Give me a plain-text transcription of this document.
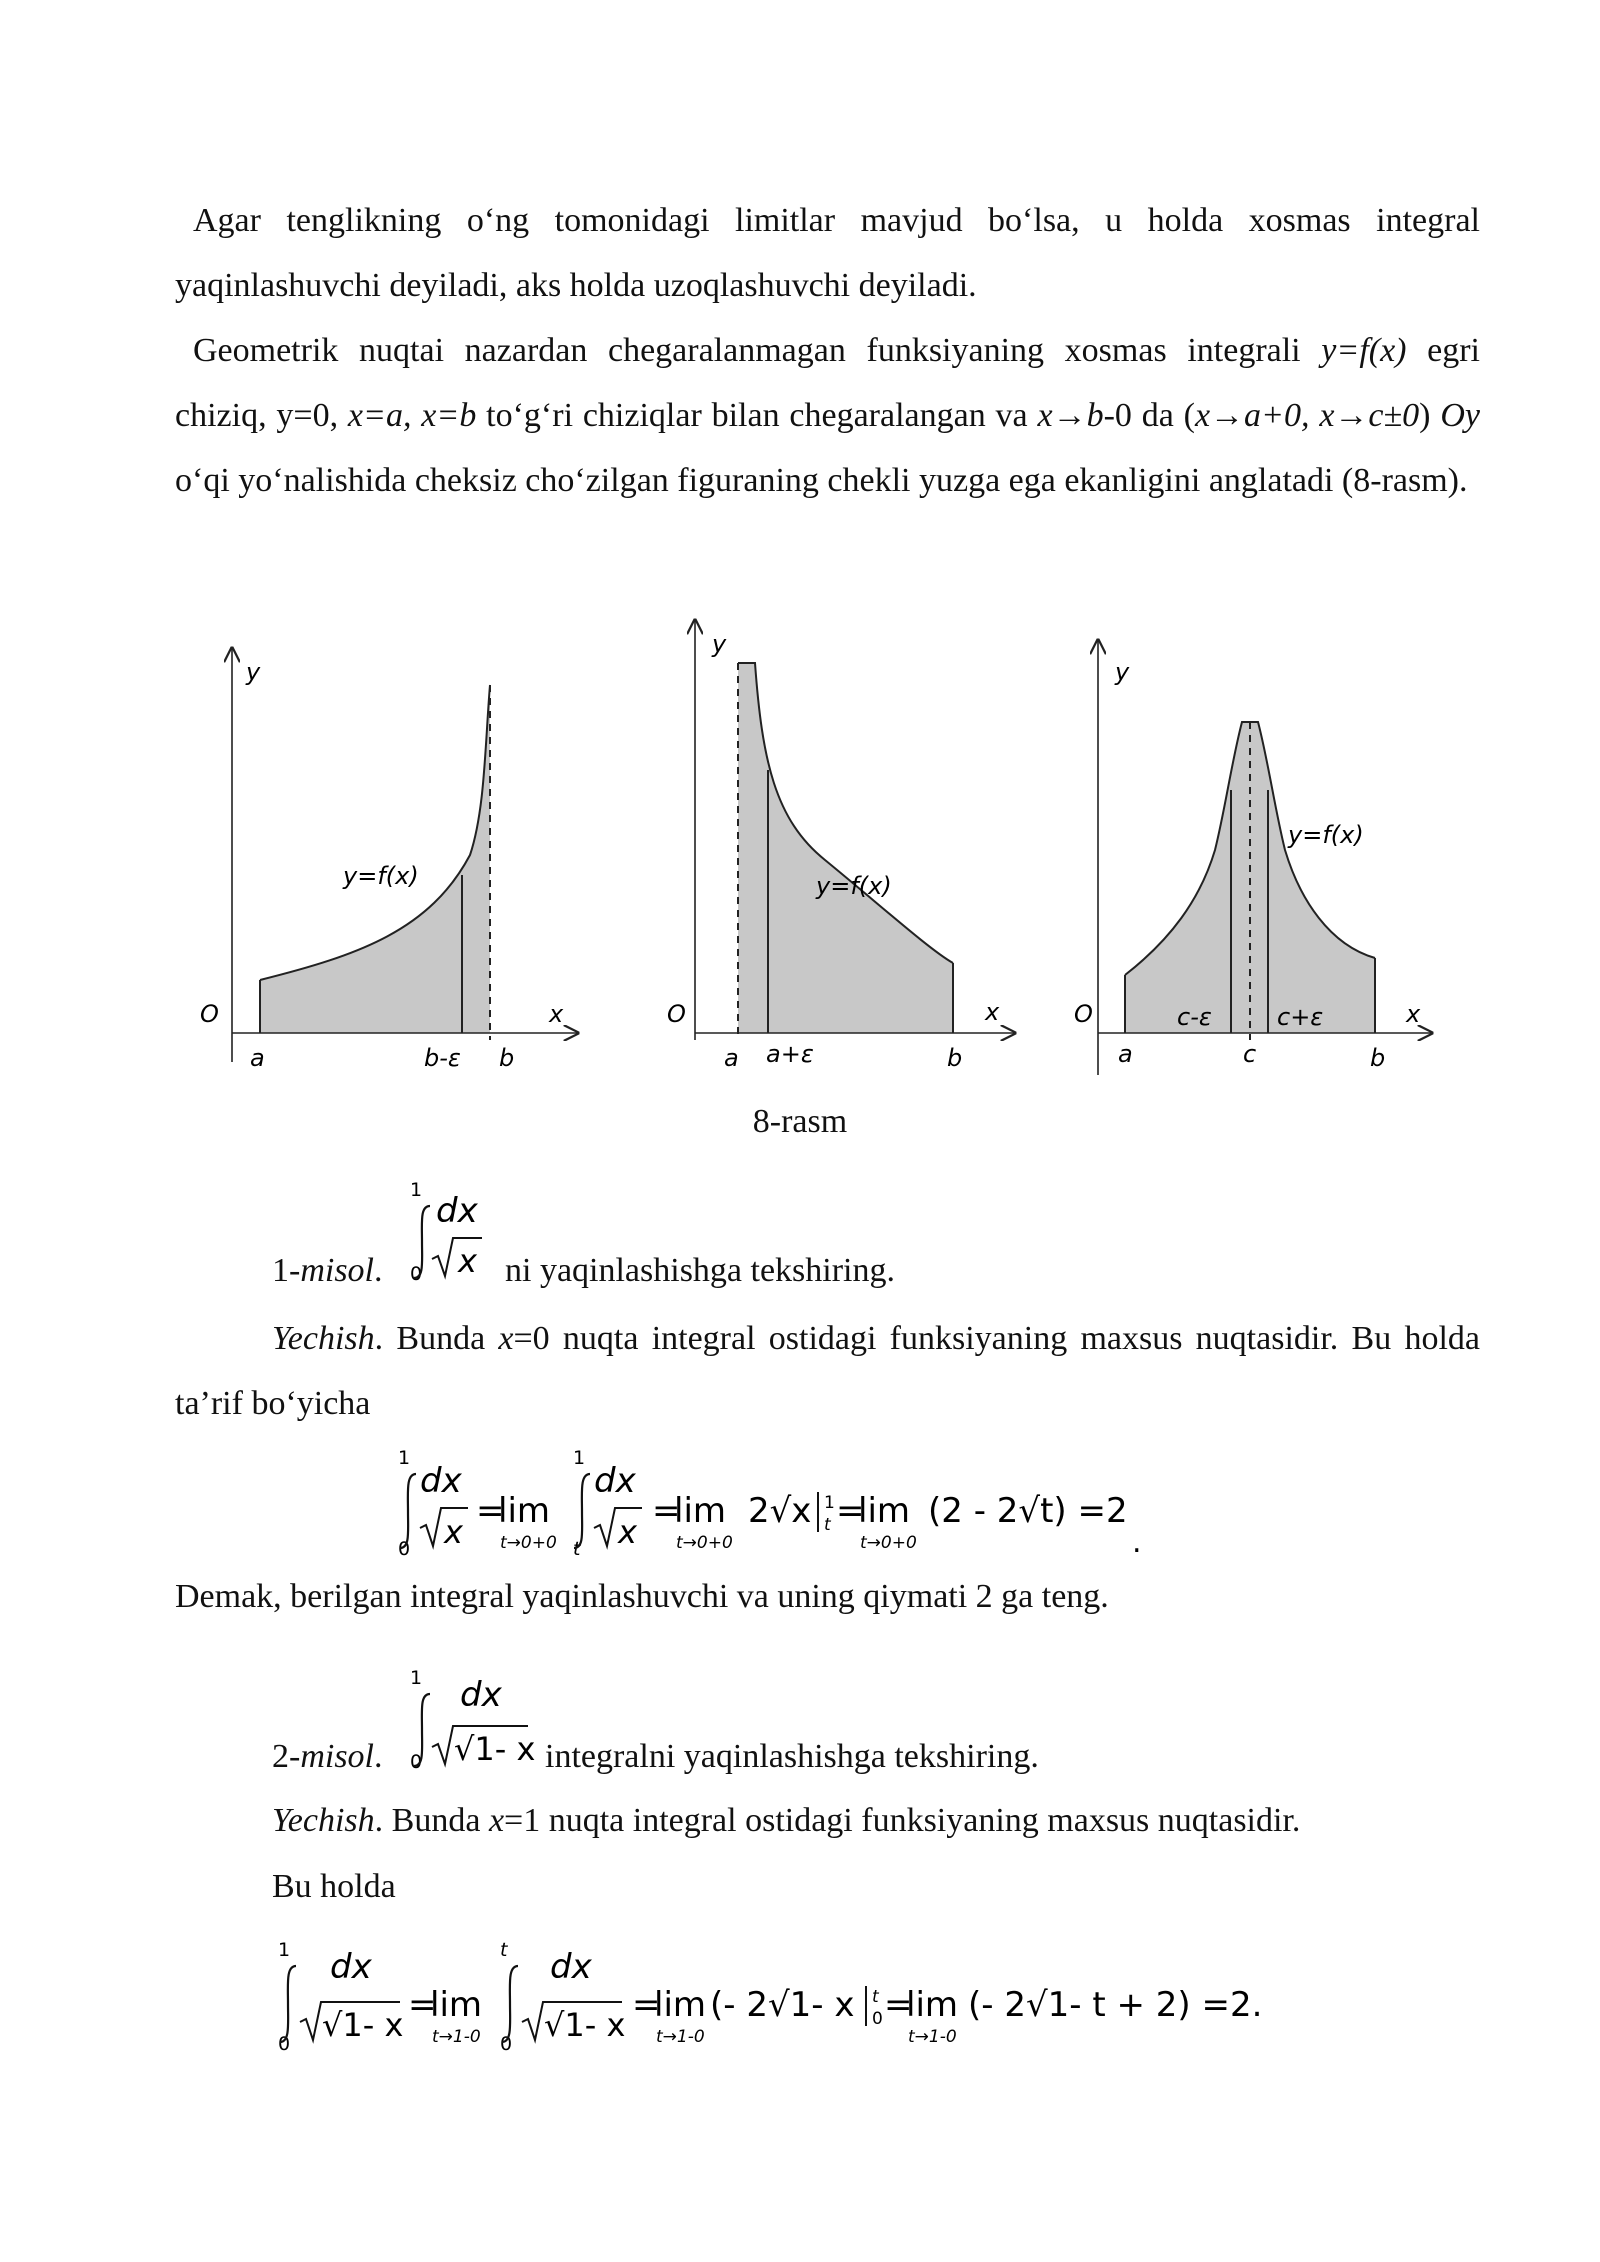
Agar tenglikning o‘ng tomonidagi limitlar mavjud bo‘lsa, u holda xosmas integral yaqinlashuvchi deyiladi, aks holda uzoqlashuvchi deyiladi.

Geometrik nuqtai nazardan chegaralanmagan funksiyaning xosmas integrali y=f(x) egri chiziq, y=0, x=a, x=b to‘g‘ri chiziqlar bilan chegaralangan va x→b-0 da (x→a+0, x→c±0) Oy o‘qi yo‘nalishida cheksiz cho‘zilgan figuraning chekli yuzga ega ekanligini anglatadi (8-rasm).

y
x
O
y=f(x)
a	b-ε b
y
x
O
y=f(x)
a a+ε	b
y
x
O
y=f(x)
a
c-ε
c
c+ε
b
8-rasm
1-misol.
1
0
dx
x ni yaqinlashishga tekshiring.
Yechish. Bunda x=0 nuqta integral ostidagi funksiyaning maxsus nuqtasidir. Bu holda ta’rif bo‘yicha
1
0
dx
x
=
lim
t→0+0
1
t
dx
x
=
lim
t→0+0
2√x 1
t =
lim
t→0+0
(2 - 2√t) =2
.
Demak, berilgan integral yaqinlashuvchi va uning qiymati 2 ga teng.
2-misol.
1
0
dx
√1- x integralni yaqinlashishga tekshiring.
Yechish. Bunda x=1 nuqta integral ostidagi funksiyaning maxsus nuqtasidir.
Bu holda
1
0
dx
√1- x =
lim
t→1-0
t
0
dx
√1- x =
lim
t→1-0
(- 2√1- x t
0 =
lim
t→1-0
(- 2√1- t + 2) =2.
